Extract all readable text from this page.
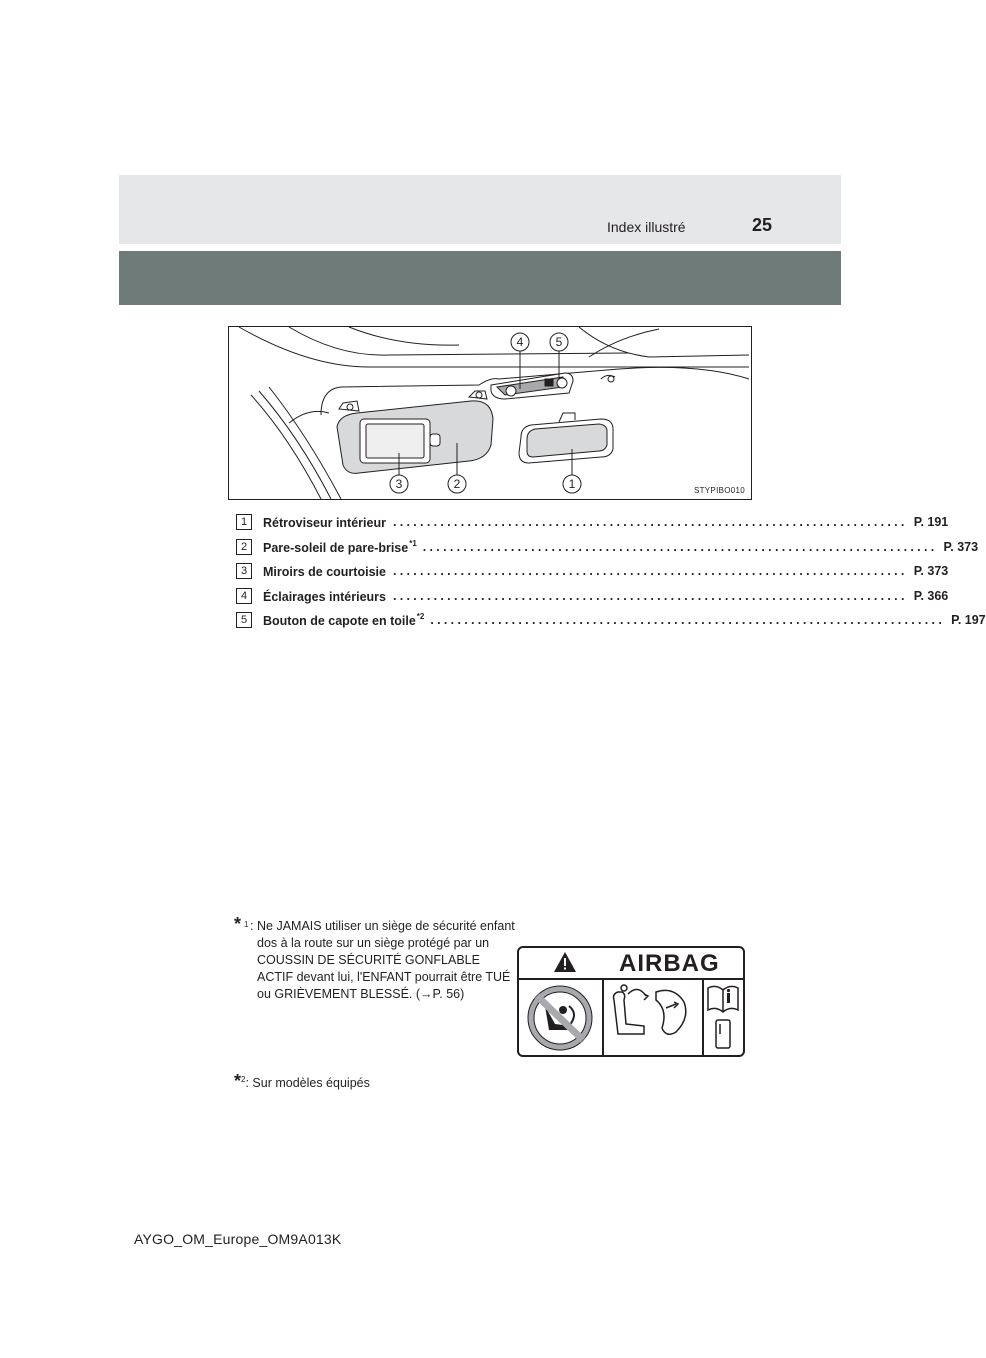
Index illustré	25
3	2	1
4	5
STYPIBO010
1	Rétroviseur intérieur ............................................................................ P. 191
2	Pare-soleil de pare-brise$^{*1}$ ............................................................................ P. 373
3	Miroirs de courtoisie ............................................................................ P. 373
4	Éclairages intérieurs ............................................................................ P. 366
5	Bouton de capote en toile$^{*2}$ ............................................................................ P. 197
* 1 : Ne JAMAIS utiliser un siège de sécurité enfant dos à la route sur un siège protégé par un COUSSIN DE SÉCURITÉ GONFLABLE ACTIF devant lui, l'ENFANT pourrait être TUÉ ou GRIÈVEMENT BLESSÉ. (→P. 56)
AIRBAG
*$^2$: Sur modèles équipés
AYGO_OM_Europe_OM9A013K
